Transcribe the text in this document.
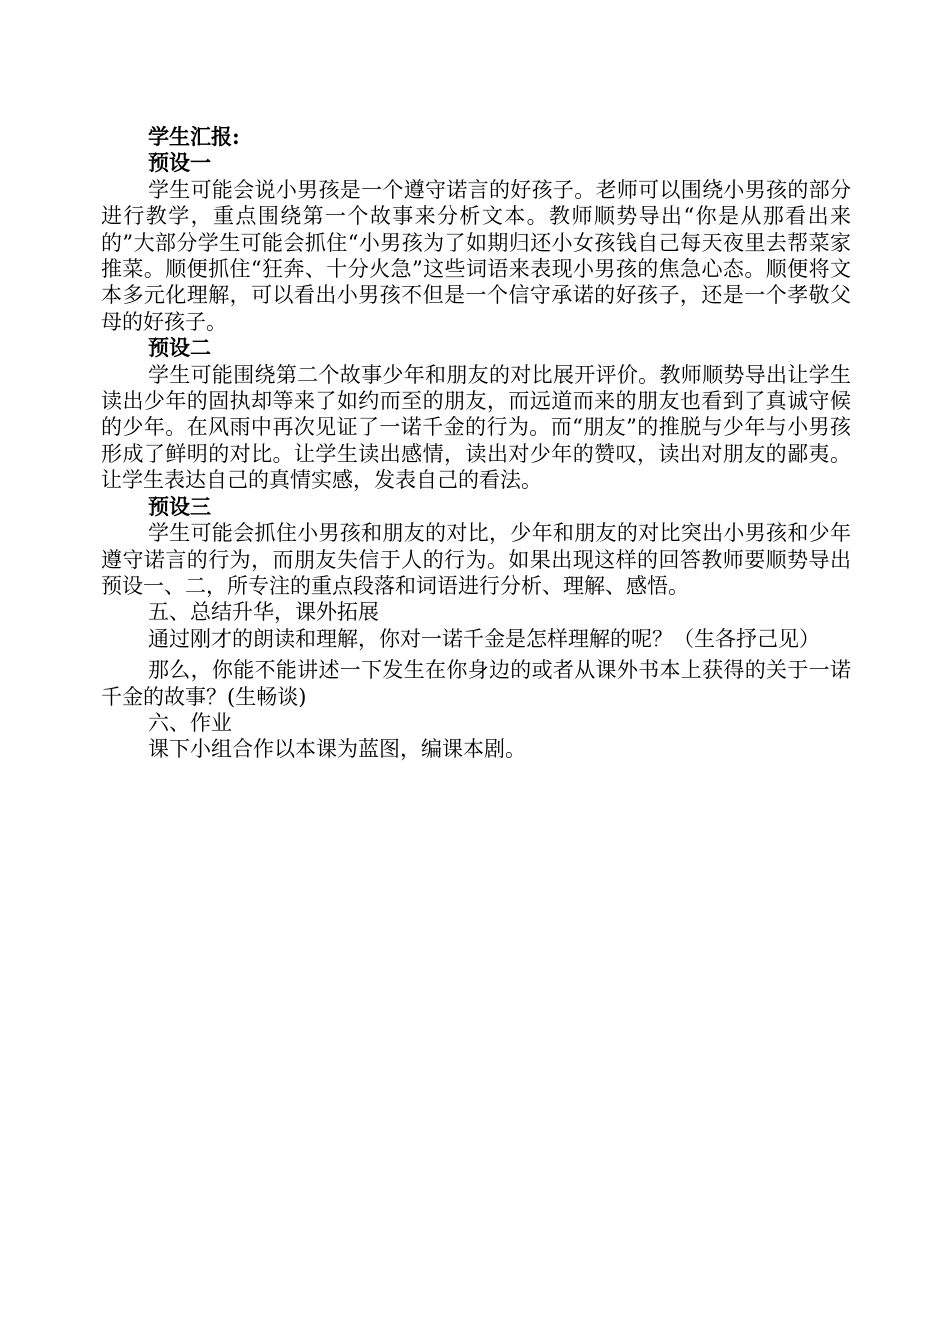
学生汇报:

预设一

学生可能会说小男孩是一个遵守诺言的好孩子。老师可以围绕小男孩的部分进行教学，重点围绕第一个故事来分析文本。教师顺势导出“你是从那看出来的”大部分学生可能会抓住“小男孩为了如期归还小女孩钱自己每天夜里去帮菜家推菜。顺便抓住“狂奔、十分火急”这些词语来表现小男孩的焦急心态。顺便将文本多元化理解，可以看出小男孩不但是一个信守承诺的好孩子，还是一个孝敬父母的好孩子。

预设二

学生可能围绕第二个故事少年和朋友的对比展开评价。教师顺势导出让学生读出少年的固执却等来了如约而至的朋友，而远道而来的朋友也看到了真诚守候的少年。在风雨中再次见证了一诺千金的行为。而“朋友”的推脱与少年与小男孩形成了鲜明的对比。让学生读出感情，读出对少年的赞叹，读出对朋友的鄙夷。让学生表达自己的真情实感，发表自己的看法。

预设三

学生可能会抓住小男孩和朋友的对比，少年和朋友的对比突出小男孩和少年遵守诺言的行为，而朋友失信于人的行为。如果出现这样的回答教师要顺势导出预设一、二，所专注的重点段落和词语进行分析、理解、感悟。

五、总结升华，课外拓展

通过刚才的朗读和理解，你对一诺千金是怎样理解的呢？（生各抒己见）

那么，你能不能讲述一下发生在你身边的或者从课外书本上获得的关于一诺千金的故事？(生畅谈)

六、作业

课下小组合作以本课为蓝图，编课本剧。
